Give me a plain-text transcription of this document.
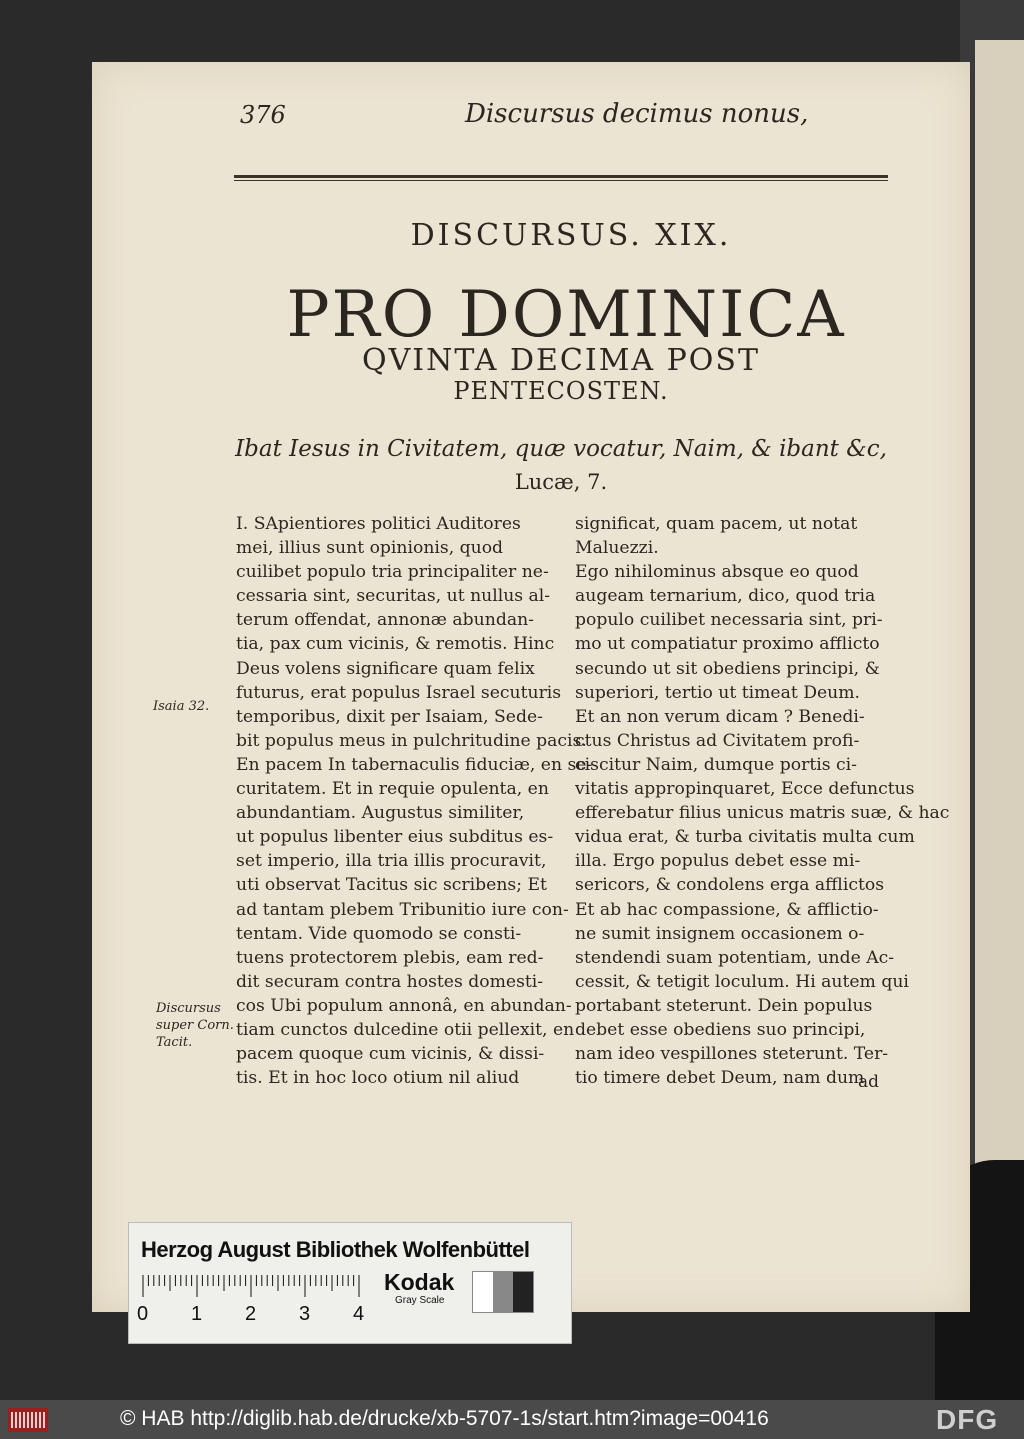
376	Discursus decimus nonus,
DISCURSUS. XIX.
PRO DOMINICA
QVINTA DECIMA POST
PENTECOSTEN.
Ibat Iesus in Civitatem, quæ vocatur, Naim, & ibant &c,
Lucæ, 7.
Isaia 32.
Discursus
super Corn.
Tacit.
I. SApientiores politici Auditores
mei, illius sunt opinionis, quod
cuilibet populo tria principaliter ne-
cessaria sint, securitas, ut nullus al-
terum offendat, annonæ abundan-
tia, pax cum vicinis, & remotis. Hinc
Deus volens significare quam felix
futurus, erat populus Israel secuturis
temporibus, dixit per Isaiam, Sede-
bit populus meus in pulchritudine pacis.
En pacem In tabernaculis fiduciæ, en se-
curitatem. Et in requie opulenta, en
abundantiam. Augustus similiter,
ut populus libenter eius subditus es-
set imperio, illa tria illis procuravit,
uti observat Tacitus sic scribens; Et
ad tantam plebem Tribunitio iure con-
tentam. Vide quomodo se consti-
tuens protectorem plebis, eam red-
dit securam contra hostes domesti-
cos Ubi populum annonâ, en abundan-
tiam cunctos dulcedine otii pellexit, en
pacem quoque cum vicinis, & dissi-
tis. Et in hoc loco otium nil aliud
significat, quam pacem, ut notat
Maluezzi.
Ego nihilominus absque eo quod
augeam ternarium, dico, quod tria
populo cuilibet necessaria sint, pri-
mo ut compatiatur proximo afflicto
secundo ut sit obediens principi, &
superiori, tertio ut timeat Deum.
Et an non verum dicam ? Benedi-
ctus Christus ad Civitatem profi-
ciscitur Naim, dumque portis ci-
vitatis appropinquaret, Ecce defunctus
efferebatur filius unicus matris suæ, & hac
vidua erat, & turba civitatis multa cum
illa. Ergo populus debet esse mi-
sericors, & condolens erga afflictos
Et ab hac compassione, & afflictio-
ne sumit insignem occasionem o-
stendendi suam potentiam, unde Ac-
cessit, & tetigit loculum. Hi autem qui
portabant steterunt. Dein populus
debet esse obediens suo principi,
nam ideo vespillones steterunt. Ter-
tio timere debet Deum, nam dum
ad
Herzog August Bibliothek Wolfenbüttel
0 1 2 3 4
Kodak
Gray Scale
© HAB http://diglib.hab.de/drucke/xb-5707-1s/start.htm?image=00416	DFG
